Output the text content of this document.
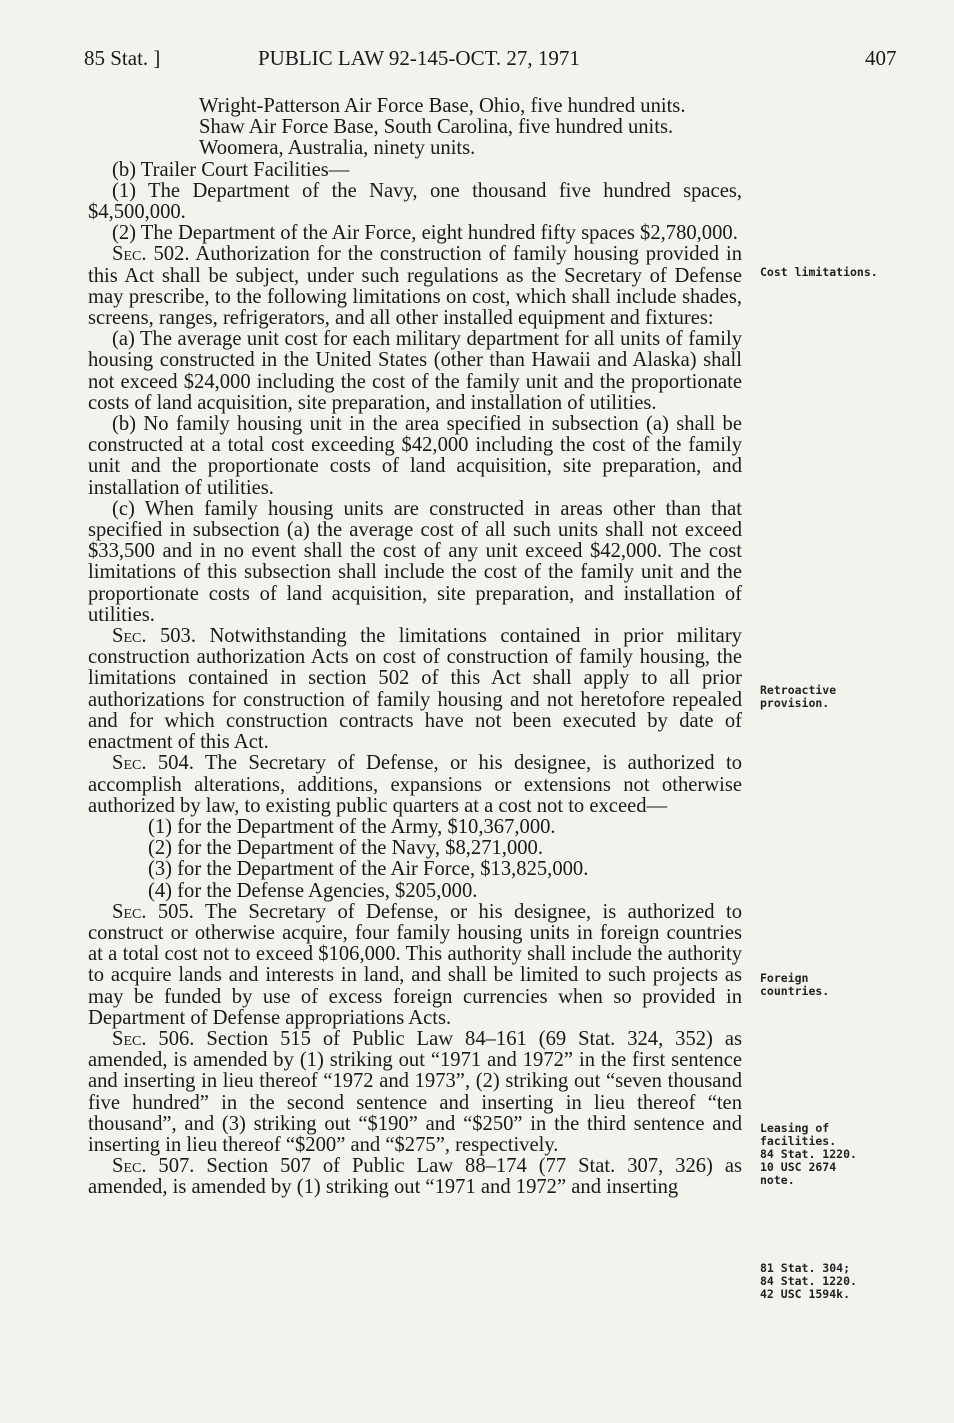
85 Stat. ]	PUBLIC LAW 92-145-OCT. 27, 1971	407

Wright-Patterson Air Force Base, Ohio, five hundred units.

Shaw Air Force Base, South Carolina, five hundred units.

Woomera, Australia, ninety units.

(b) Trailer Court Facilities—

(1) The Department of the Navy, one thousand five hundred spaces, $4,500,000.

(2) The Department of the Air Force, eight hundred fifty spaces $2,780,000.

Sec. 502. Authorization for the construction of family housing provided in this Act shall be subject, under such regulations as the Secretary of Defense may prescribe, to the following limitations on cost, which shall include shades, screens, ranges, refrigerators, and all other installed equipment and fixtures:

(a) The average unit cost for each military department for all units of family housing constructed in the United States (other than Hawaii and Alaska) shall not exceed $24,000 including the cost of the family unit and the proportionate costs of land acquisition, site preparation, and installation of utilities.

(b) No family housing unit in the area specified in subsection (a) shall be constructed at a total cost exceeding $42,000 including the cost of the family unit and the proportionate costs of land acquisition, site preparation, and installation of utilities.

(c) When family housing units are constructed in areas other than that specified in subsection (a) the average cost of all such units shall not exceed $33,500 and in no event shall the cost of any unit exceed $42,000. The cost limitations of this subsection shall include the cost of the family unit and the proportionate costs of land acquisition, site preparation, and installation of utilities.

Sec. 503. Notwithstanding the limitations contained in prior military construction authorization Acts on cost of construction of family housing, the limitations contained in section 502 of this Act shall apply to all prior authorizations for construction of family housing and not heretofore repealed and for which construction contracts have not been executed by date of enactment of this Act.

Sec. 504. The Secretary of Defense, or his designee, is authorized to accomplish alterations, additions, expansions or extensions not otherwise authorized by law, to existing public quarters at a cost not to exceed—

(1) for the Department of the Army, $10,367,000.

(2) for the Department of the Navy, $8,271,000.

(3) for the Department of the Air Force, $13,825,000.

(4) for the Defense Agencies, $205,000.

Sec. 505. The Secretary of Defense, or his designee, is authorized to construct or otherwise acquire, four family housing units in foreign countries at a total cost not to exceed $106,000. This authority shall include the authority to acquire lands and interests in land, and shall be limited to such projects as may be funded by use of excess foreign currencies when so provided in Department of Defense appropriations Acts.

Sec. 506. Section 515 of Public Law 84–161 (69 Stat. 324, 352) as amended, is amended by (1) striking out “1971 and 1972” in the first sentence and inserting in lieu thereof “1972 and 1973”, (2) striking out “seven thousand five hundred” in the second sentence and inserting in lieu thereof “ten thousand”, and (3) striking out “$190” and “$250” in the third sentence and inserting in lieu thereof “$200” and “$275”, respectively.

Sec. 507. Section 507 of Public Law 88–174 (77 Stat. 307, 326) as amended, is amended by (1) striking out “1971 and 1972” and inserting

Cost limitations.
Retroactive provision.
Foreign countries.
Leasing of facilities.
84 Stat. 1220.
10 USC 2674 note.
81 Stat. 304;
84 Stat. 1220.
42 USC 1594k.
